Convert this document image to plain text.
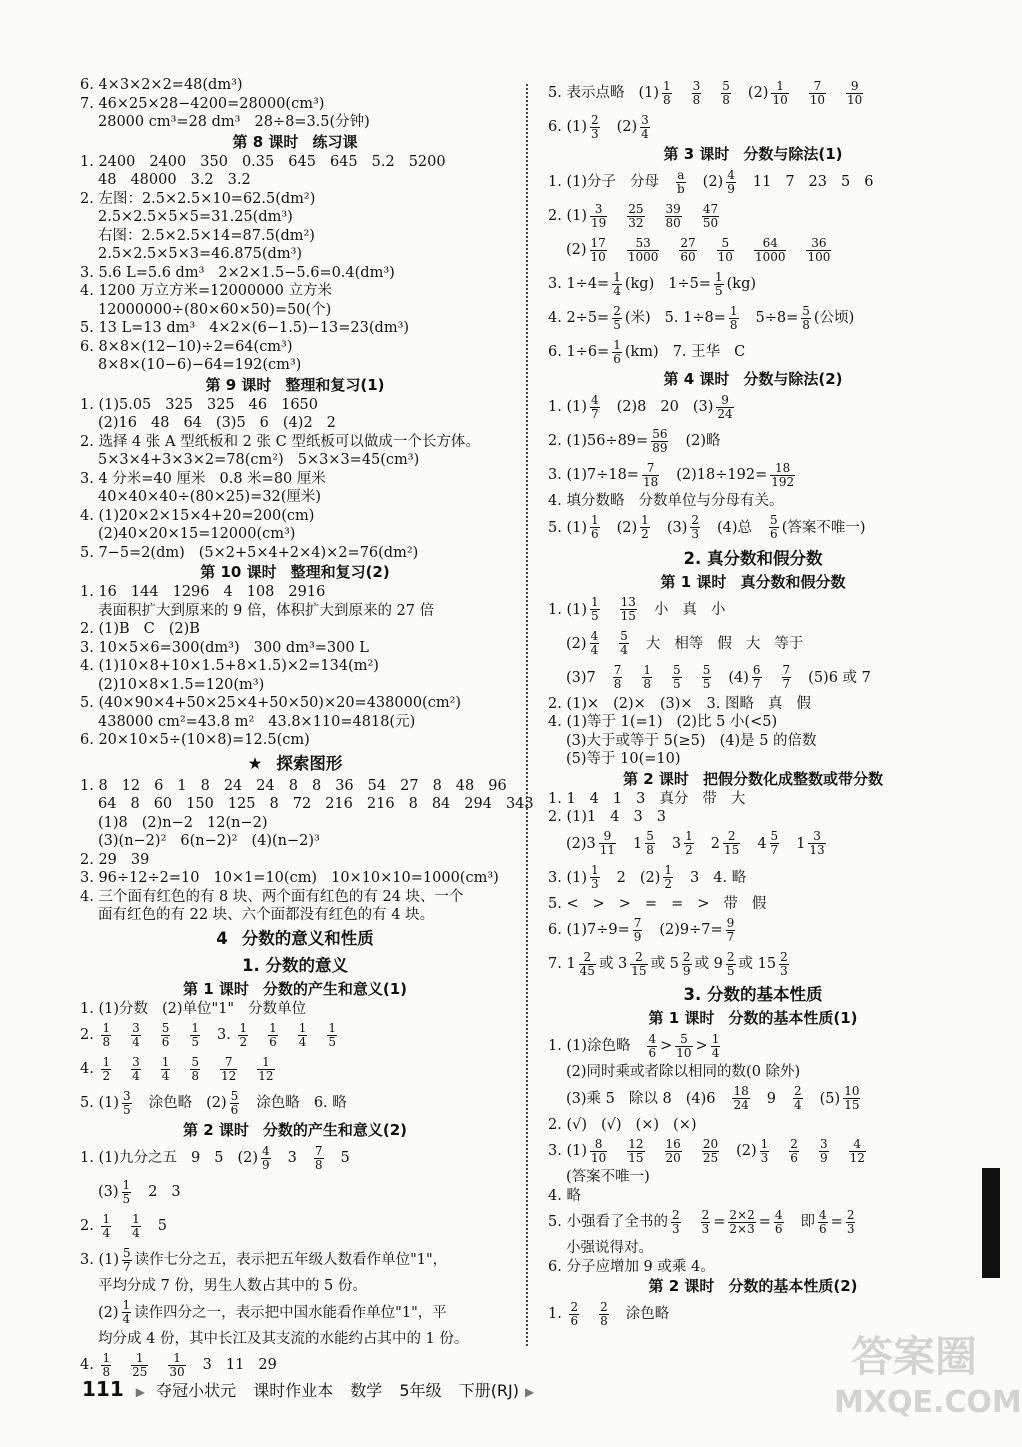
6. 4×3×2×2=48(dm³)
7. 46×25×28−4200=28000(cm³)
28000 cm³=28 dm³ 28÷8=3.5(分钟)
第 8 课时 练习课
1. 2400 2400 350 0.35 645 645 5.2 5200
48 48000 3.2 3.2
2. 左图：2.5×2.5×10=62.5(dm²)
2.5×2.5×5×5=31.25(dm³)
右图：2.5×2.5×14=87.5(dm²)
2.5×2.5×5×3=46.875(dm³)
3. 5.6 L=5.6 dm³ 2×2×1.5−5.6=0.4(dm³)
4. 1200 万立方米=12000000 立方米
12000000÷(80×60×50)=50(个)
5. 13 L=13 dm³ 4×2×(6−1.5)−13=23(dm³)
6. 8×8×(12−10)÷2=64(cm³)
8×8×(10−6)−64=192(cm³)
第 9 课时 整理和复习(1)
1. (1)5.05 325 325 46 1650
(2)16 48 64 (3)5 6 (4)2 2
2. 选择 4 张 A 型纸板和 2 张 C 型纸板可以做成一个长方体。
5×3×4+3×3×2=78(cm²) 5×3×3=45(cm³)
3. 4 分米=40 厘米 0.8 米=80 厘米
40×40×40÷(80×25)=32(厘米)
4. (1)20×2×15×4+20=200(cm)
(2)40×20×15=12000(cm³)
5. 7−5=2(dm) (5×2+5×4+2×4)×2=76(dm²)
第 10 课时 整理和复习(2)
1. 16 144 1296 4 108 2916
表面积扩大到原来的 9 倍，体积扩大到原来的 27 倍
2. (1)B C (2)B
3. 10×5×6=300(dm³) 300 dm³=300 L
4. (1)10×8+10×1.5+8×1.5)×2=134(m²)
(2)10×8×1.5=120(m³)
5. (40×90×4+50×25×4+50×50)×20=438000(cm²)
438000 cm²=43.8 m² 43.8×110=4818(元)
6. 20×10×5÷(10×8)=12.5(cm)
★ 探索图形
1. 8 12 6 1 8 24 24 8 8 36 54 27 8 48 96
64 8 60 150 125 8 72 216 216 8 84 294 343
(1)8 (2)n−2 12(n−2)
(3)(n−2)² 6(n−2)² (4)(n−2)³
2. 29 39
3. 96÷12÷2=10 10×1=10(cm) 10×10×10=1000(cm³)
4. 三个面有红色的有 8 块、两个面有红色的有 24 块、一个
面有红色的有 22 块、六个面都没有红色的有 4 块。
4 分数的意义和性质
1. 分数的意义
第 1 课时 分数的产生和意义(1)
1. (1)分数 (2)单位"1" 分数单位
2. $\frac{1}{8} \frac{3}{4} \frac{5}{6} \frac{1}{5} 3$. $\frac{1}{2} \frac{1}{6} \frac{1}{4} \frac{1}{5}$
4. $\frac{1}{2} \frac{3}{4} \frac{1}{4} \frac{5}{8} \frac{7}{12} \frac{1}{12}$
5. $(1) \frac{3}{5}$ 涂色略 $(2) \frac{5}{6}$ 涂色略 6. 略
第 2 课时 分数的产生和意义(2)
1. (1)九分之五 9 5 $(2) \frac{4}{9} 3 \frac{7}{8} 5$
$(3) \frac{1}{5} 2$ 3
2. $\frac{1}{4} \frac{1}{4} 5$
3. $(1) \frac{5}{7}$ 读作七分之五，表示把五年级人数看作单位"1"，
平均分成 7 份，男生人数占其中的 5 份。
$(2) \frac{1}{4}$ 读作四分之一，表示把中国水能看作单位"1"，平
均分成 4 份，其中长江及其支流的水能约占其中的 1 份。
4. $\frac{1}{8} \frac{1}{25} \frac{1}{30} 3$ 11 29
5. 表示点略 $(1) \frac{1}{8} \frac{3}{8} \frac{5}{8} (2) \frac{1}{10} \frac{7}{10} \frac{9}{10}$
6. $(1) \frac{2}{3} (2) \frac{3}{4}$
第 3 课时 分数与除法(1)
1. (1)分子 分母 $\frac{a}{b} (2) \frac{4}{9} 11$ 7 23 5 6
2. $(1) \frac{3}{19} \frac{25}{32} \frac{39}{80} \frac{47}{50}$
$(2) \frac{17}{10} \frac{53}{1000} \frac{27}{60} \frac{5}{10} \frac{64}{1000} \frac{36}{100}$
3. $1\div 4= \frac{1}{4} (kg)$ $1\div 5= \frac{1}{5} (kg)$
4. $2\div 5= \frac{2}{5}$ (米) 5. $1\div 8= \frac{1}{8} 5\div 8= \frac{5}{8}$ (公顷)
6. $1\div 6= \frac{1}{6} (km)$ 7. 王华 C
第 4 课时 分数与除法(2)
1. $(1) \frac{4}{7} (2)8$ 20 $(3) \frac{9}{24}$
2. $(1)56\div 89= \frac{56}{89} (2)$略
3. $(1)7\div 18= \frac{7}{18} (2)18\div 192= \frac{18}{192}$
4. 填分数略 分数单位与分母有关。
5. $(1) \frac{1}{6} (2) \frac{1}{2} (3) \frac{2}{3} (4)$总 $\frac{5}{6}$ (答案不唯一)
2. 真分数和假分数
第 1 课时 真分数和假分数
1. $(1) \frac{1}{5} \frac{13}{15}$ 小 真 小
$(2) \frac{4}{4} \frac{5}{4}$ 大 相等 假 大 等于
$(3)7 \frac{7}{8} \frac{1}{8} \frac{5}{5} \frac{5}{5} (4) \frac{6}{7} \frac{7}{7} (5)6$ 或 7
2. (1)× (2)× (3)× 3. 图略 真 假
4. (1)等于 1(=1) (2)比 5 小(<5)
(3)大于或等于 5(≥5) (4)是 5 的倍数
(5)等于 10(=10)
第 2 课时 把假分数化成整数或带分数
1. 1 4 1 3 真分 带 大
2. (1)1 4 3 3
$(2)3 \frac{9}{11} 1 \frac{5}{8} 3 \frac{1}{2} 2 \frac{2}{15} 4 \frac{5}{7} 1 \frac{3}{13}$
3. $(1) \frac{1}{3} 2$ $(2) \frac{1}{2} 3$ 4. 略
5. < > > = = > 带 假
6. $(1)7\div 9= \frac{7}{9} (2)9\div 7= \frac{9}{7}$
7. $1 \frac{2}{45}$ 或 $3 \frac{2}{15}$ 或 $5 \frac{2}{9}$ 或 $9 \frac{2}{5}$ 或 $15 \frac{2}{3}$
3. 分数的基本性质
第 1 课时 分数的基本性质(1)
1. (1)涂色略 $\frac{4}{6} > \frac{5}{10} > \frac{1}{4}$
(2)同时乘或者除以相同的数(0 除外)
(3)乘 5 除以 8 $(4)6 \frac{18}{24} 9 \frac{2}{4} (5) \frac{10}{15}$
2. (√) (√) (×) (×)
3. $(1) \frac{8}{10} \frac{12}{15} \frac{16}{20} \frac{20}{25} (2) \frac{1}{3} \frac{2}{6} \frac{3}{9} \frac{4}{12}$
(答案不唯一)
4. 略
5. 小强看了全书的 $\frac{2}{3} \frac{2}{3} = \frac{2\times 2}{2\times 3} = \frac{4}{6}$ 即 $\frac{4}{6} = \frac{2}{3}$
小强说得对。
6. 分子应增加 9 或乘 4。
第 2 课时 分数的基本性质(2)
1. $\frac{2}{6} \frac{2}{8}$ 涂色略
111 ▶ 夺冠小状元 课时作业本 数学 5年级 下册(RJ) ▶
答案圈
MXQE.COM
